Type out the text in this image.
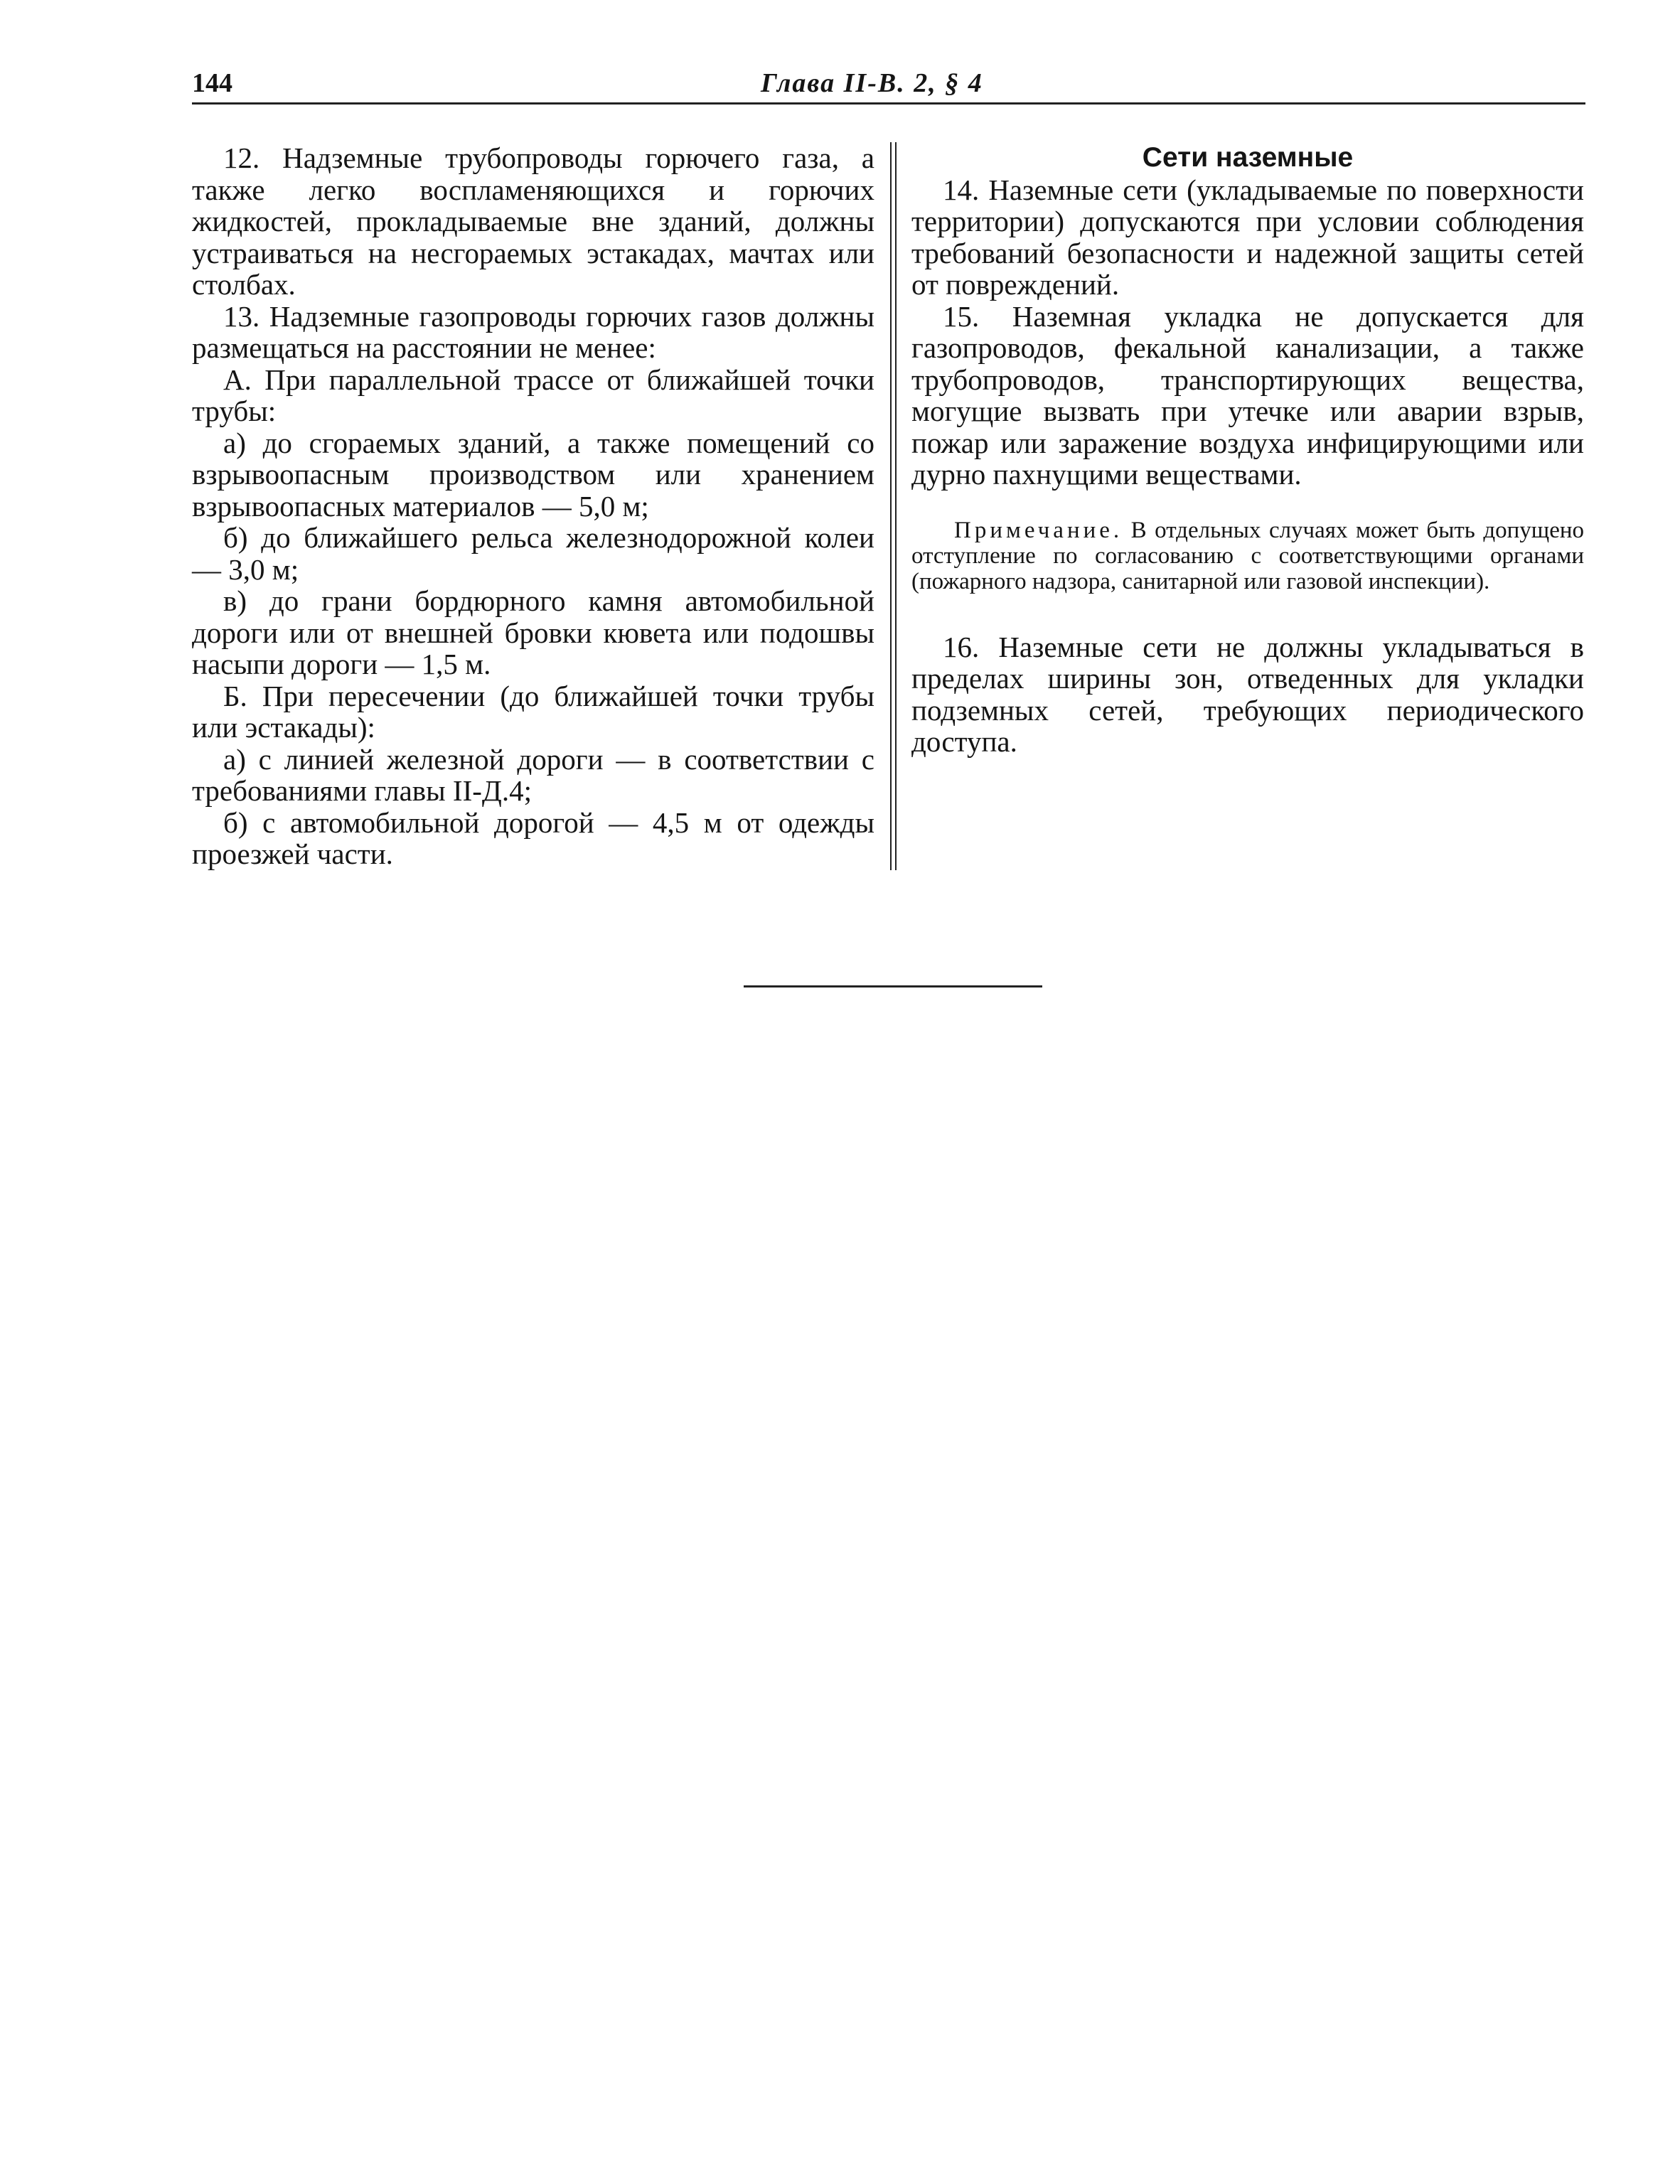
144	Глава II-В. 2, § 4

12. Надземные трубопроводы горючего газа, а также легко воспламеняющихся и горючих жидкостей, прокладываемые вне зданий, должны устраиваться на несгораемых эстакадах, мачтах или столбах.

13. Надземные газопроводы горючих газов должны размещаться на расстоянии не менее:

А. При параллельной трассе от ближайшей точки трубы:

а) до сгораемых зданий, а также помещений со взрывоопасным производством или хранением взрывоопасных материалов — 5,0 м;

б) до ближайшего рельса железнодорожной колеи — 3,0 м;

в) до грани бордюрного камня автомобильной дороги или от внешней бровки кювета или подошвы насыпи дороги — 1,5 м.

Б. При пересечении (до ближайшей точки трубы или эстакады):

а) с линией железной дороги — в соответствии с требованиями главы II-Д.4;

б) с автомобильной дорогой — 4,5 м от одежды проезжей части.

Сети наземные

14. Наземные сети (укладываемые по поверхности территории) допускаются при условии соблюдения требований безопасности и надежной защиты сетей от повреждений.

15. Наземная укладка не допускается для газопроводов, фекальной канализации, а также трубопроводов, транспортирующих вещества, могущие вызвать при утечке или аварии взрыв, пожар или заражение воздуха инфицирующими или дурно пахнущими веществами.

Примечание. В отдельных случаях может быть допущено отступление по согласованию с соответствующими органами (пожарного надзора, санитарной или газовой инспекции).

16. Наземные сети не должны укладываться в пределах ширины зон, отведенных для укладки подземных сетей, требующих периодического доступа.
